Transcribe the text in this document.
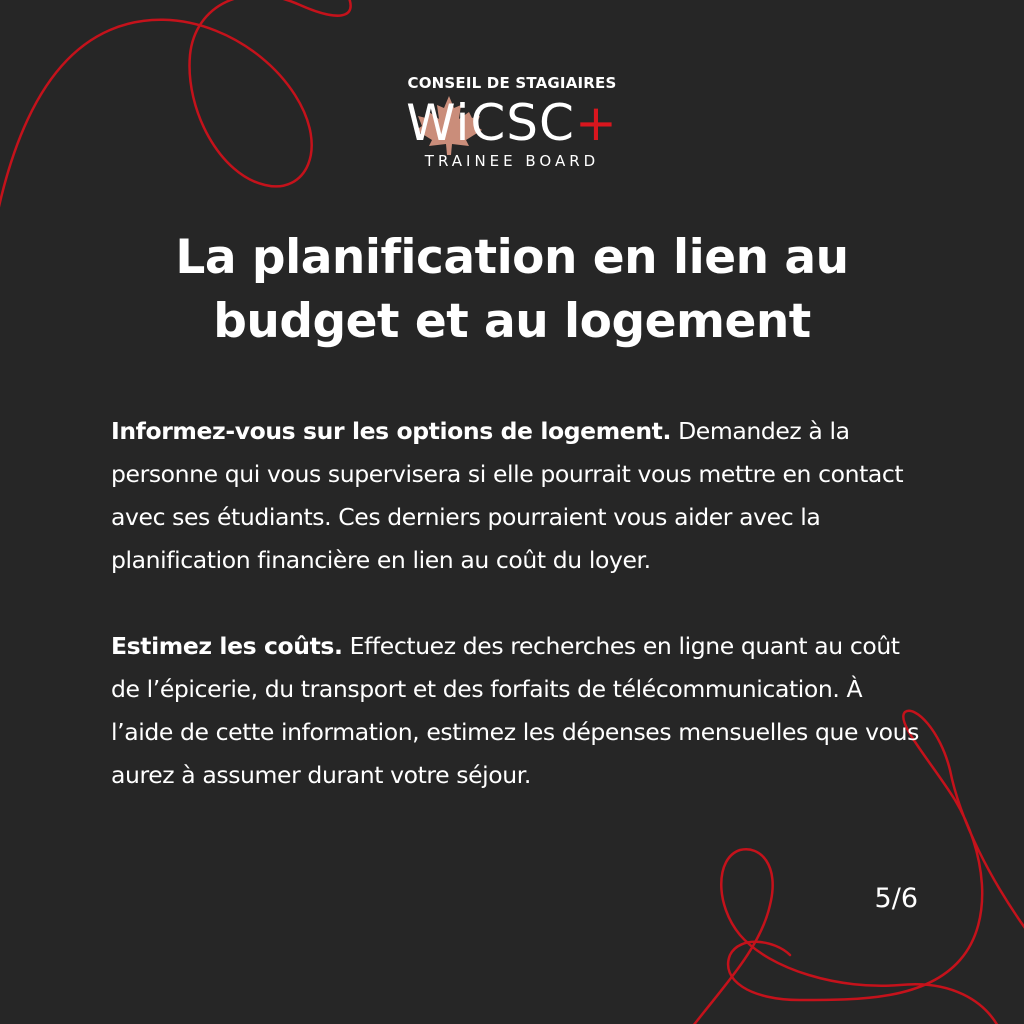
CONSEIL DE STAGIAIRES
WiCSC+
TRAINEE BOARD
La planification en lien au
budget et au logement

Informez-vous sur les options de logement. Demandez à la personne qui vous supervisera si elle pourrait vous mettre en contact avec ses étudiants. Ces derniers pourraient vous aider avec la planification financière en lien au coût du loyer.

Estimez les coûts. Effectuez des recherches en ligne quant au coût de l’épicerie, du transport et des forfaits de télécommunication. À l’aide de cette information, estimez les dépenses mensuelles que vous aurez à assumer durant votre séjour.

5/6
